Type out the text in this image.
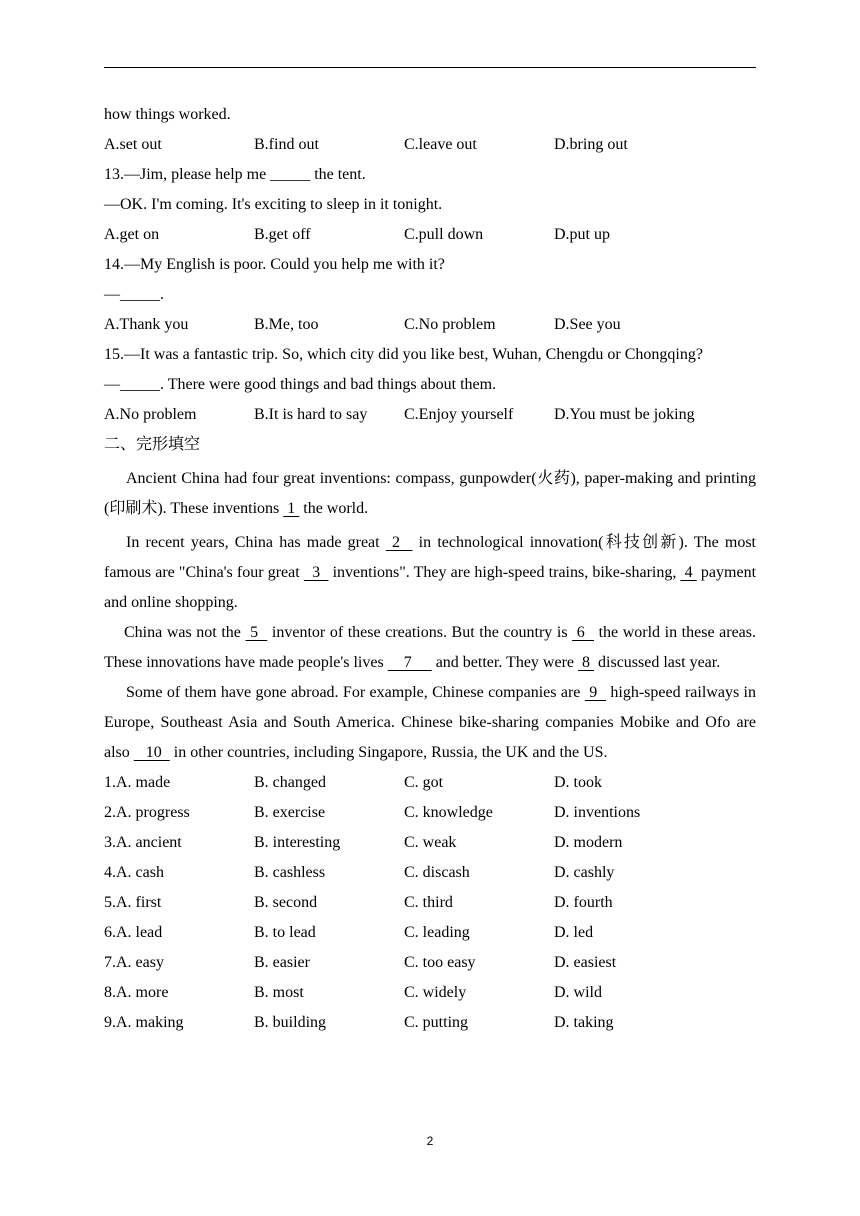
how things worked.
A.set out	B.find out	C.leave out	D.bring out
13.—Jim, please help me _____ the tent.
—OK. I'm coming. It's exciting to sleep in it tonight.
A.get on	B.get off	C.pull down	D.put up
14.—My English is poor. Could you help me with it?
—_____.
A.Thank you	B.Me, too	C.No problem	D.See you
15.—It was a fantastic trip. So, which city did you like best, Wuhan, Chengdu or Chongqing?
—_____. There were good things and bad things about them.
A.No problem	B.It is hard to say	C.Enjoy yourself	D.You must be joking
二、完形填空

Ancient China had four great inventions: compass, gunpowder(火药), paper-making and printing (印刷术). These inventions  1  the world.

In recent years, China has made great  2   in technological innovation(科技创新). The most famous are "China's four great   3   inventions". They are high-speed trains, bike-sharing,  4  payment and online shopping.

China was not the  5   inventor of these creations. But the country is  6   the world in these areas. These innovations have made people's lives     7      and better. They were  8  discussed last year.

Some of them have gone abroad. For example, Chinese companies are  9   high-speed railways in Europe, Southeast Asia and South America. Chinese bike-sharing companies Mobike and Ofo are also    10   in other countries, including Singapore, Russia, the UK and the US.

1.A. made	B. changed	C. got	D. took
2.A. progress	B. exercise	C. knowledge	D. inventions
3.A. ancient	B. interesting	C. weak	D. modern
4.A. cash	B. cashless	C. discash	D. cashly
5.A. first	B. second	C. third	D. fourth
6.A. lead	B. to lead	C. leading	D. led
7.A. easy	B. easier	C. too easy	D. easiest
8.A. more	B. most	C. widely	D. wild
9.A. making	B. building	C. putting	D. taking
2
